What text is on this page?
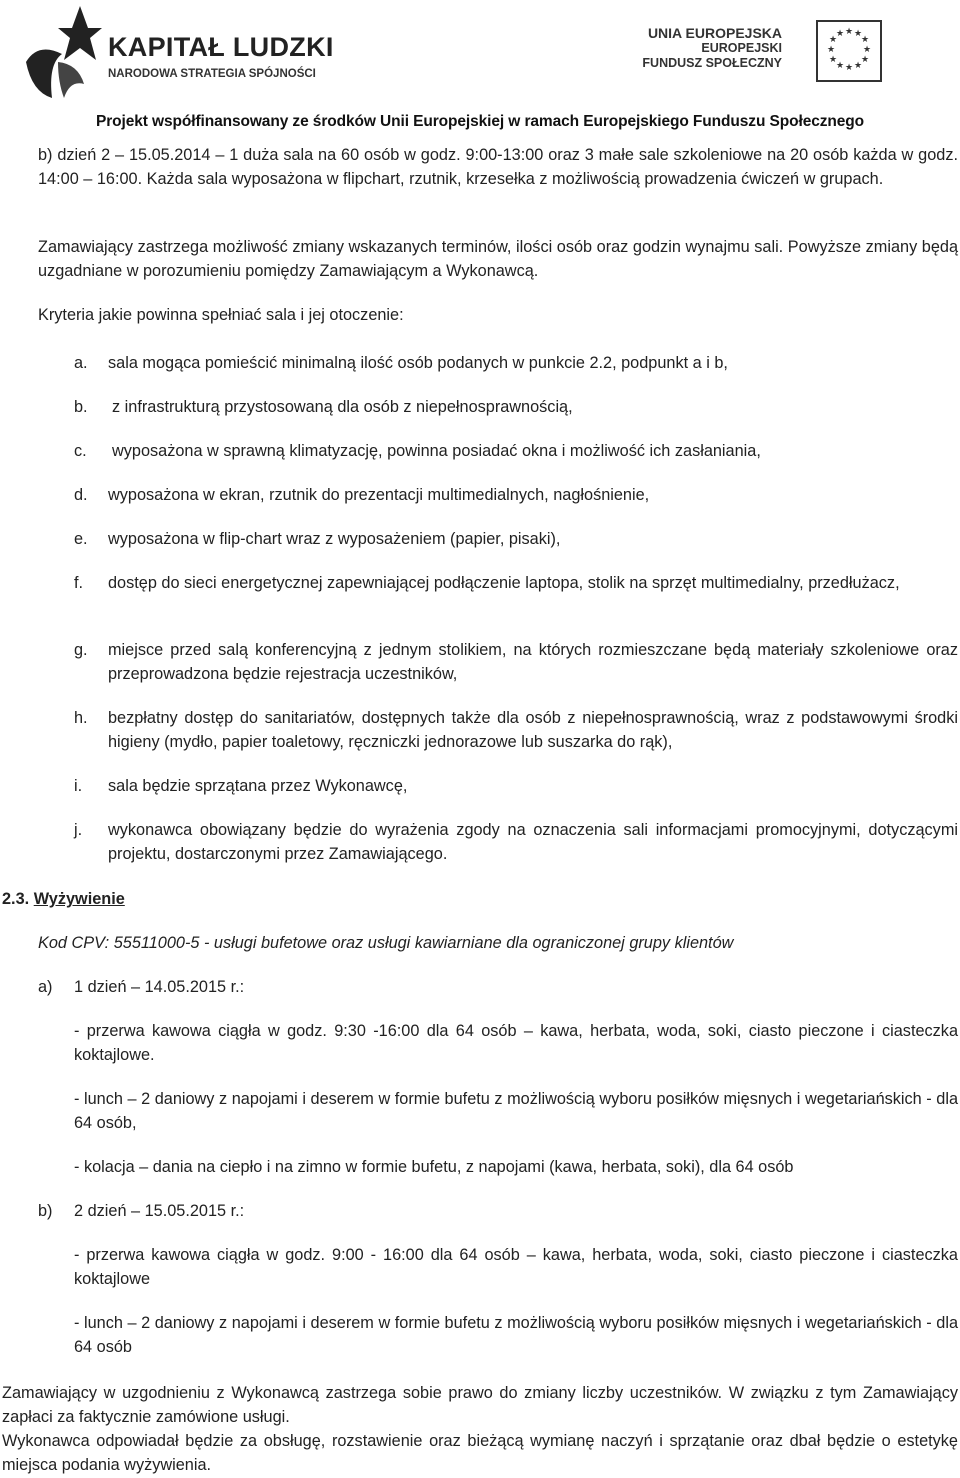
KAPITAŁ LUDZKI
NARODOWA STRATEGIA SPÓJNOŚCI
UNIA EUROPEJSKA
EUROPEJSKI
FUNDUSZ SPOŁECZNY
★ ★
★
★
★
★
★
★
★
★
★
★
Projekt współfinansowany ze środków Unii Europejskiej w ramach Europejskiego Funduszu Społecznego
b) dzień 2 – 15.05.2014 – 1 duża sala na 60 osób w godz. 9:00-13:00 oraz 3 małe sale szkoleniowe na 20 osób każda w godz. 14:00 – 16:00. Każda sala wyposażona w flipchart, rzutnik, krzesełka z możliwością prowadzenia ćwiczeń w grupach.
Zamawiający zastrzega możliwość zmiany wskazanych terminów, ilości osób oraz godzin wynajmu sali. Powyższe zmiany będą uzgadniane w porozumieniu pomiędzy Zamawiającym a Wykonawcą.
Kryteria jakie powinna spełniać sala i jej otoczenie:
a. sala mogąca pomieścić minimalną ilość osób podanych w punkcie 2.2, podpunkt a i b,
b. z infrastrukturą przystosowaną dla osób z niepełnosprawnością,
c. wyposażona w sprawną klimatyzację, powinna posiadać okna i możliwość ich zasłaniania,
d. wyposażona w ekran, rzutnik do prezentacji multimedialnych, nagłośnienie,
e. wyposażona w flip-chart wraz z wyposażeniem (papier, pisaki),
f. dostęp do sieci energetycznej zapewniającej podłączenie laptopa, stolik na sprzęt multimedialny, przedłużacz,
g. miejsce przed salą konferencyjną z jednym stolikiem, na których rozmieszczane będą materiały szkoleniowe oraz przeprowadzona będzie rejestracja uczestników,
h. bezpłatny dostęp do sanitariatów, dostępnych także dla osób z niepełnosprawnością, wraz z podstawowymi środki higieny (mydło, papier toaletowy, ręczniczki jednorazowe lub suszarka do rąk),
i. sala będzie sprzątana przez Wykonawcę,
j. wykonawca obowiązany będzie do wyrażenia zgody na oznaczenia sali informacjami promocyjnymi, dotyczącymi projektu, dostarczonymi przez Zamawiającego.
2.3. Wyżywienie
Kod CPV: 55511000-5 - usługi bufetowe oraz usługi kawiarniane dla ograniczonej grupy klientów
a) 1 dzień – 14.05.2015 r.:
- przerwa kawowa ciągła w godz. 9:30 -16:00 dla 64 osób – kawa, herbata, woda, soki, ciasto pieczone i ciasteczka koktajlowe.
- lunch – 2 daniowy z napojami i deserem w formie bufetu z możliwością wyboru posiłków mięsnych i wegetariańskich - dla 64 osób,
- kolacja – dania na ciepło i na zimno w formie bufetu, z napojami (kawa, herbata, soki), dla 64 osób
b) 2 dzień – 15.05.2015 r.:
- przerwa kawowa ciągła w godz. 9:00 - 16:00 dla 64 osób – kawa, herbata, woda, soki, ciasto pieczone i ciasteczka koktajlowe
- lunch – 2 daniowy z napojami i deserem w formie bufetu z możliwością wyboru posiłków mięsnych i wegetariańskich - dla 64 osób
Zamawiający w uzgodnieniu z Wykonawcą zastrzega sobie prawo do zmiany liczby uczestników. W związku z tym Zamawiający zapłaci za faktycznie zamówione usługi.
Wykonawca odpowiadał będzie za obsługę, rozstawienie oraz bieżącą wymianę naczyń i sprzątanie oraz dbał będzie o estetykę miejsca podania wyżywienia.
